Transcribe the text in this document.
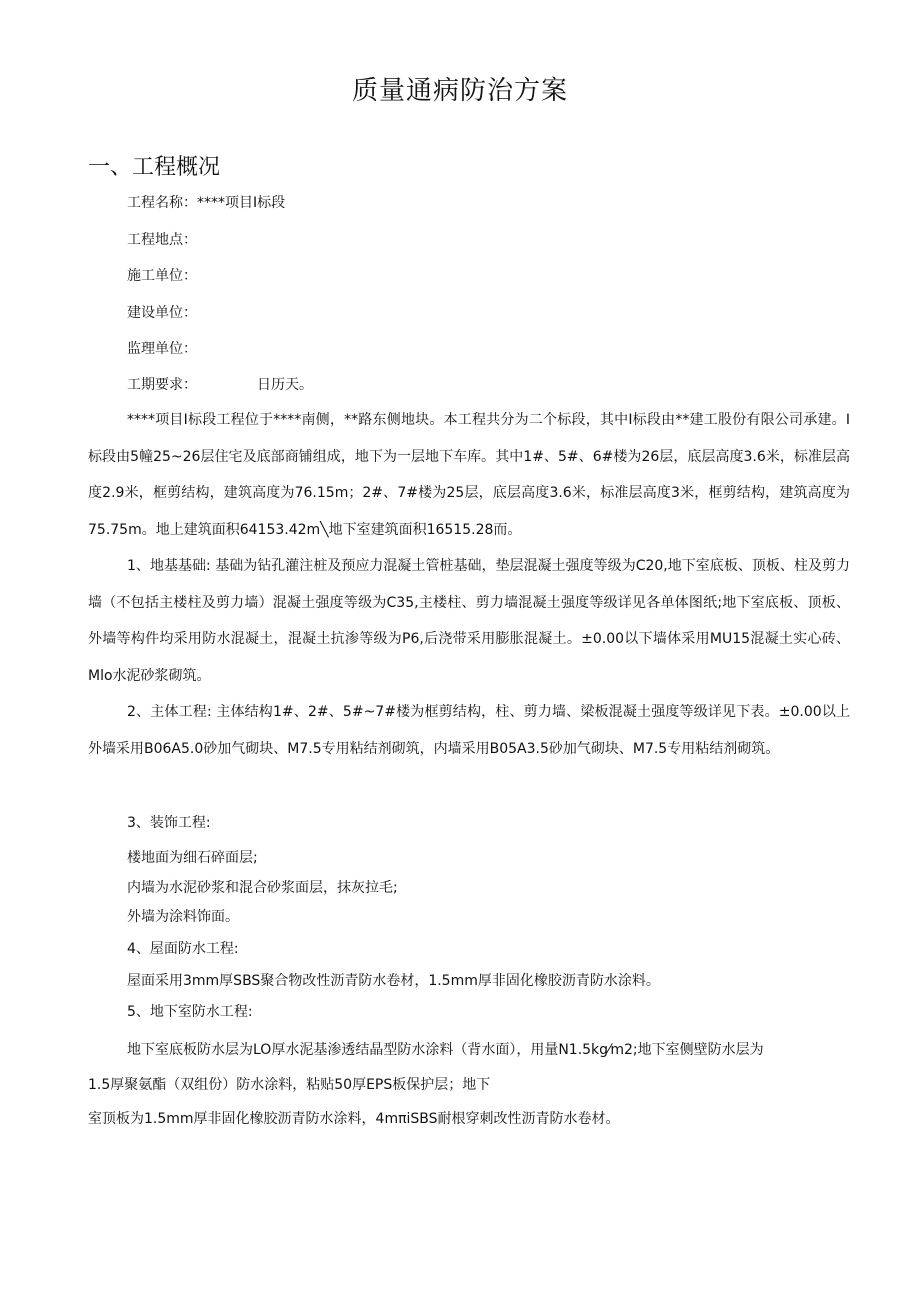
质量通病防治方案
一、工程概况
工程名称：****项目Ⅰ标段
工程地点：
施工单位：
建设单位：
监理单位：
工期要求：	日历天。
****项目Ⅰ标段工程位于****南侧，**路东侧地块。本工程共分为二个标段，其中Ⅰ标段由**建工股份有限公司承建。Ⅰ标段由5幢25~26层住宅及底部商铺组成，地下为一层地下车库。其中1#、5#、6#楼为26层，底层高度3.6米，标准层高度2.9米，框剪结构，建筑高度为76.15m；2#、7#楼为25层，底层高度3.6米，标准层高度3米，框剪结构，建筑高度为75.75m。地上建筑面积64153.42m╲地下室建筑面积16515.28而。
1、地基基础: 基础为钻孔灌注桩及预应力混凝土管桩基础，垫层混凝土强度等级为C20,地下室底板、顶板、柱及剪力墙（不包括主楼柱及剪力墙）混凝土强度等级为C35,主楼柱、剪力墙混凝土强度等级详见各单体图纸;地下室底板、顶板、外墙等构件均采用防水混凝土，混凝土抗渗等级为P6,后浇带采用膨胀混凝土。±0.00以下墙体采用MU15混凝土实心砖、Mlo水泥砂浆砌筑。
2、主体工程: 主体结构1#、2#、5#~7#楼为框剪结构，柱、剪力墙、梁板混凝土强度等级详见下表。±0.00以上外墙采用B06A5.0砂加气砌块、M7.5专用粘结剂砌筑，内墙采用B05A3.5砂加气砌块、M7.5专用粘结剂砌筑。
3、装饰工程:
楼地面为细石碎面层;
内墙为水泥砂浆和混合砂浆面层，抹灰拉毛;
外墙为涂料饰面。
4、屋面防水工程:
屋面采用3mm厚SBS聚合物改性沥青防水卷材，1.5mm厚非固化橡胶沥青防水涂料。
5、地下室防水工程:
地下室底板防水层为LO厚水泥基渗透结晶型防水涂料（背水面），用量N1.5kg⁄m2;地下室侧壁防水层为
1.5厚聚氨酯（双组份）防水涂料，粘贴50厚EPS板保护层；地下
室顶板为1.5mm厚非固化橡胶沥青防水涂料，4mπiSBS耐根穿刺改性沥青防水卷材。
